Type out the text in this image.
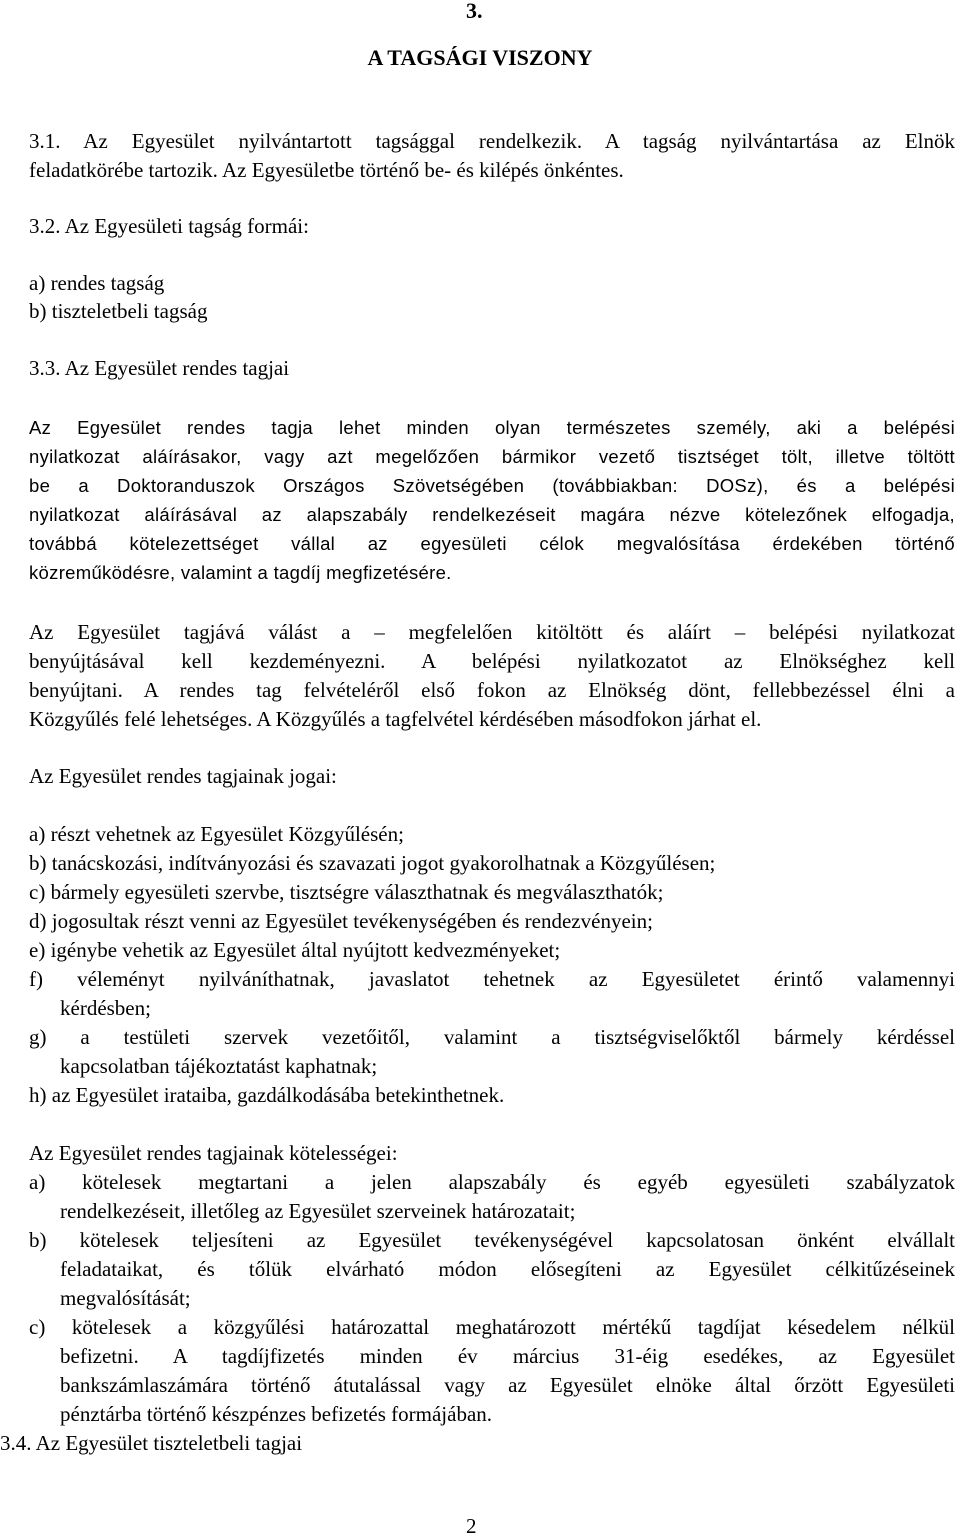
3.
A TAGSÁGI VISZONY
3.1. Az Egyesület nyilvántartott tagsággal rendelkezik. A tagság nyilvántartása az Elnök
feladatkörébe tartozik. Az Egyesületbe történő be- és kilépés önkéntes.
3.2. Az Egyesületi tagság formái:
a) rendes tagság
b) tiszteletbeli tagság
3.3. Az Egyesület rendes tagjai
Az Egyesület rendes tagja lehet minden olyan természetes személy, aki a belépési
nyilatkozat aláírásakor, vagy azt megelőzően bármikor vezető tisztséget tölt, illetve töltött
be a Doktoranduszok Országos Szövetségében (továbbiakban: DOSz), és a belépési
nyilatkozat aláírásával az alapszabály rendelkezéseit magára nézve kötelezőnek elfogadja,
továbbá kötelezettséget vállal az egyesületi célok megvalósítása érdekében történő
közreműködésre, valamint a tagdíj megfizetésére.
Az Egyesület tagjává válást a – megfelelően kitöltött és aláírt – belépési nyilatkozat
benyújtásával kell kezdeményezni. A belépési nyilatkozatot az Elnökséghez kell
benyújtani. A rendes tag felvételéről első fokon az Elnökség dönt, fellebbezéssel élni a
Közgyűlés felé lehetséges. A Közgyűlés a tagfelvétel kérdésében másodfokon járhat el.
Az Egyesület rendes tagjainak jogai:
a) részt vehetnek az Egyesület Közgyűlésén;
b) tanácskozási, indítványozási és szavazati jogot gyakorolhatnak a Közgyűlésen;
c) bármely egyesületi szervbe, tisztségre választhatnak és megválaszthatók;
d) jogosultak részt venni az Egyesület tevékenységében és rendezvényein;
e) igénybe vehetik az Egyesület által nyújtott kedvezményeket;
f) véleményt nyilváníthatnak, javaslatot tehetnek az Egyesületet érintő valamennyi
kérdésben;
g) a testületi szervek vezetőitől, valamint a tisztségviselőktől bármely kérdéssel
kapcsolatban tájékoztatást kaphatnak;
h) az Egyesület irataiba, gazdálkodásába betekinthetnek.
Az Egyesület rendes tagjainak kötelességei:
a) kötelesek megtartani a jelen alapszabály és egyéb egyesületi szabályzatok
rendelkezéseit, illetőleg az Egyesület szerveinek határozatait;
b) kötelesek teljesíteni az Egyesület tevékenységével kapcsolatosan önként elvállalt
feladataikat, és tőlük elvárható módon elősegíteni az Egyesület célkitűzéseinek
megvalósítását;
c) kötelesek a közgyűlési határozattal meghatározott mértékű tagdíjat késedelem nélkül
befizetni. A tagdíjfizetés minden év március 31-éig esedékes, az Egyesület
bankszámlaszámára történő átutalással vagy az Egyesület elnöke által őrzött Egyesületi
pénztárba történő készpénzes befizetés formájában.
3.4. Az Egyesület tiszteletbeli tagjai
2
